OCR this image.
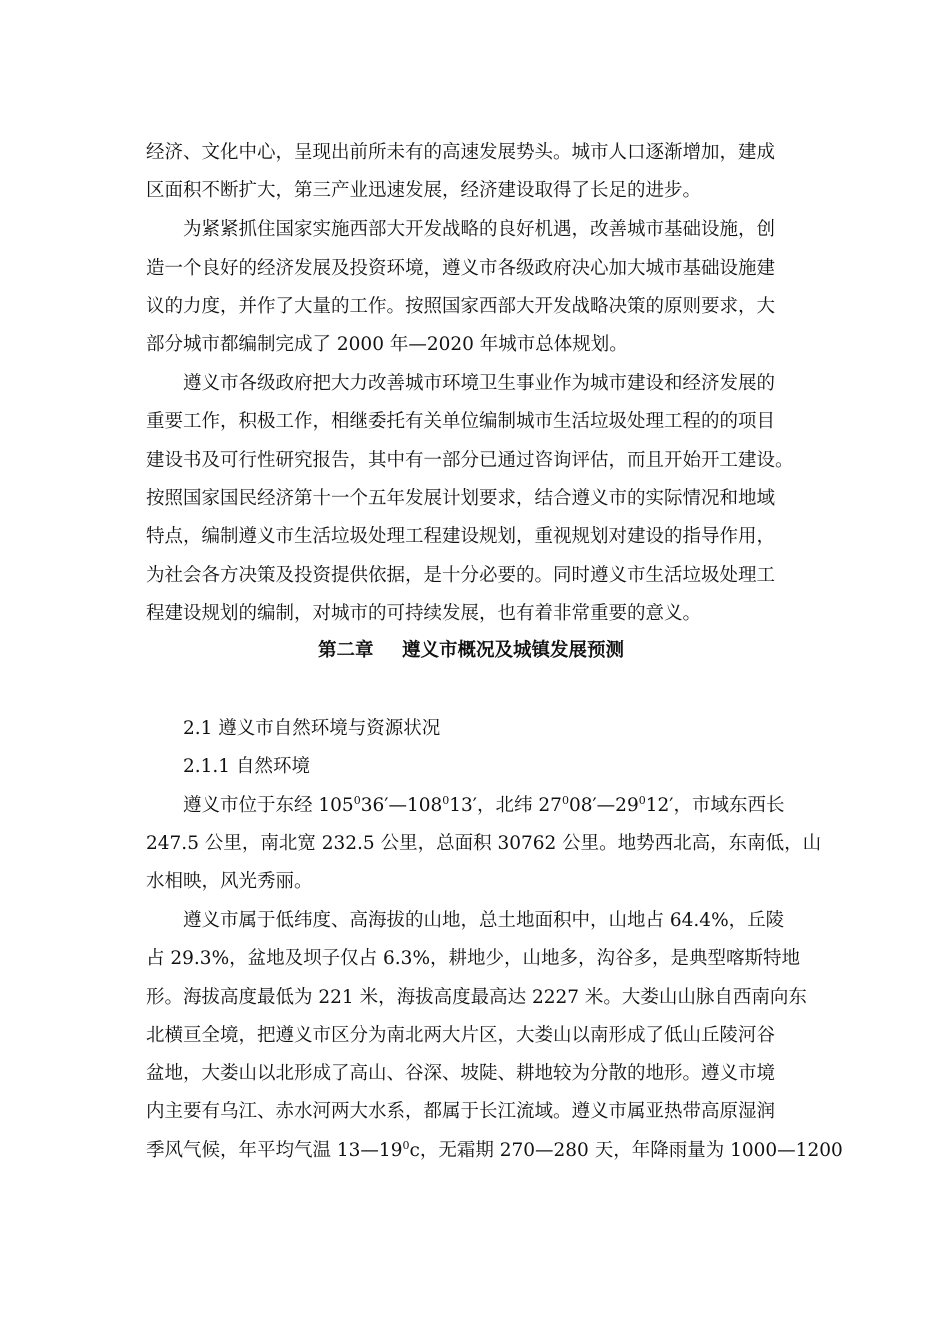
经济、文化中心，呈现出前所未有的高速发展势头。城市人口逐渐增加，建成
区面积不断扩大，第三产业迅速发展，经济建设取得了长足的进步。
为紧紧抓住国家实施西部大开发战略的良好机遇，改善城市基础设施，创
造一个良好的经济发展及投资环境，遵义市各级政府决心加大城市基础设施建
议的力度，并作了大量的工作。按照国家西部大开发战略决策的原则要求，大
部分城市都编制完成了 2000 年—2020 年城市总体规划。
遵义市各级政府把大力改善城市环境卫生事业作为城市建设和经济发展的
重要工作，积极工作，相继委托有关单位编制城市生活垃圾处理工程的的项目
建设书及可行性研究报告，其中有一部分已通过咨询评估，而且开始开工建设。
按照国家国民经济第十一个五年发展计划要求，结合遵义市的实际情况和地域
特点，编制遵义市生活垃圾处理工程建设规划，重视规划对建设的指导作用，
为社会各方决策及投资提供依据，是十分必要的。同时遵义市生活垃圾处理工
程建设规划的编制，对城市的可持续发展，也有着非常重要的意义。
第二章 遵义市概况及城镇发展预测
2.1 遵义市自然环境与资源状况
2.1.1 自然环境
遵义市位于东经 $105^036'—108^013'$，北纬 $27^008'—29^012'$，市域东西长
247.5 公里，南北宽 232.5 公里，总面积 30762 公里。地势西北高，东南低，山
水相映，风光秀丽。
遵义市属于低纬度、高海拔的山地，总土地面积中，山地占 64.4%，丘陵
占 29.3%，盆地及坝子仅占 6.3%，耕地少，山地多，沟谷多，是典型喀斯特地
形。海拔高度最低为 221 米，海拔高度最高达 2227 米。大娄山山脉自西南向东
北横亘全境，把遵义市区分为南北两大片区，大娄山以南形成了低山丘陵河谷
盆地，大娄山以北形成了高山、谷深、坡陡、耕地较为分散的地形。遵义市境
内主要有乌江、赤水河两大水系，都属于长江流域。遵义市属亚热带高原湿润
季风气候，年平均气温 $13—19^0c$，无霜期 270—280 天，年降雨量为 1000—1200
